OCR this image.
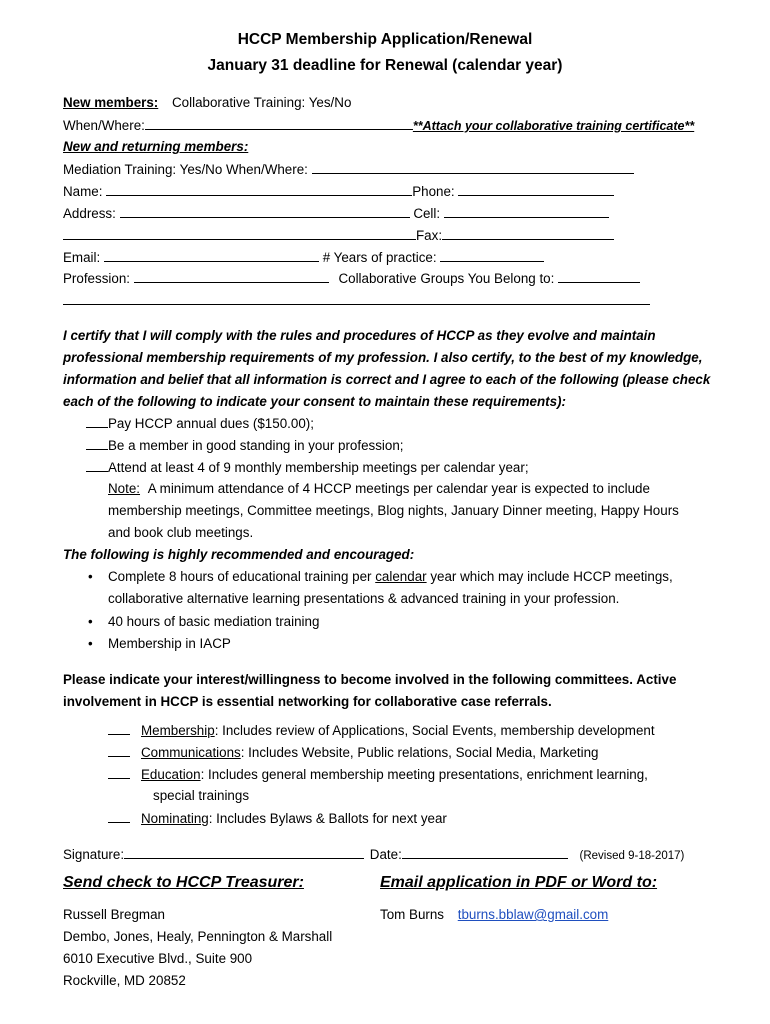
HCCP Membership Application/Renewal
January 31 deadline for Renewal (calendar year)
New members: Collaborative Training: Yes/No
When/Where:	**Attach your collaborative training certificate**
New and returning members:
Mediation Training: Yes/No When/Where:
Name:	Phone:
Address:	Cell:
Fax:
Email:	# Years of practice:
Profession:	Collaborative Groups You Belong to:
I certify that I will comply with the rules and procedures of HCCP as they evolve and maintain
professional membership requirements of my profession. I also certify, to the best of my knowledge,
information and belief that all information is correct and I agree to each of the following (please check
each of the following to indicate your consent to maintain these requirements):
Pay HCCP annual dues ($150.00);
Be a member in good standing in your profession;
Attend at least 4 of 9 monthly membership meetings per calendar year;
Note: A minimum attendance of 4 HCCP meetings per calendar year is expected to include
membership meetings, Committee meetings, Blog nights, January Dinner meeting, Happy Hours
and book club meetings.
The following is highly recommended and encouraged:
• Complete 8 hours of educational training per calendar year which may include HCCP meetings,
collaborative alternative learning presentations & advanced training in your profession.
• 40 hours of basic mediation training
• Membership in IACP
Please indicate your interest/willingness to become involved in the following committees. Active
involvement in HCCP is essential networking for collaborative case referrals.
Membership: Includes review of Applications, Social Events, membership development
Communications: Includes Website, Public relations, Social Media, Marketing
Education: Includes general membership meeting presentations, enrichment learning,
special trainings
Nominating: Includes Bylaws & Ballots for next year
Signature:	Date:	(Revised 9-18-2017)
Send check to HCCP Treasurer:	Email application in PDF or Word to:
Russell Bregman
Dembo, Jones, Healy, Pennington & Marshall
6010 Executive Blvd., Suite 900
Rockville, MD 20852
Tom Burns tburns.bblaw@gmail.com
